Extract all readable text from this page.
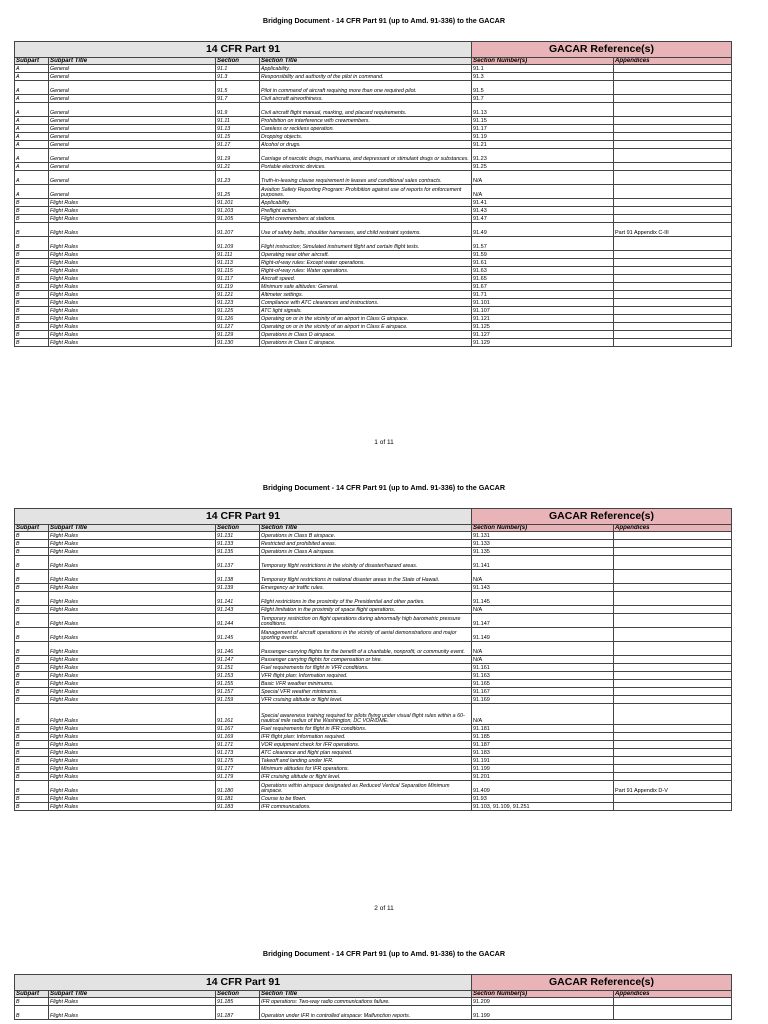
Bridging Document - 14 CFR Part 91 (up to Amd. 91-336) to the GACAR
14 CFR Part 91				GACAR Reference(s)	
Subpart	Subpart Title	Section	Section Title	Section Number(s)	Appendices
A	General	91.1	Applicability.	91.1	
A	General	91.3	Responsibility and authority of the pilot in command.	91.3	
A	General	91.5	Pilot in command of aircraft requiring more than one required pilot.	91.5	
A	General	91.7	Civil aircraft airworthiness.	91.7	
A	General	91.9	Civil aircraft flight manual, marking, and placard requirements.	91.13	
A	General	91.11	Prohibition on interference with crewmembers.	91.15	
A	General	91.13	Careless or reckless operation.	91.17	
A	General	91.15	Dropping objects.	91.19	
A	General	91.17	Alcohol or drugs.	91.21	
A	General	91.19	Carriage of narcotic drugs, marihuana, and depressant or stimulant drugs or substances.	91.23	
A	General	91.21	Portable electronic devices.	91.25	
A	General	91.23	Truth-in-leasing clause requirement in leases and conditional sales contracts.	N/A	
A	General	91.25	Aviation Safety Reporting Program: Prohibition against use of reports for enforcement purposes.	N/A	
B	Flight Rules	91.101	Applicability.	91.41	
B	Flight Rules	91.103	Preflight action.	91.43	
B	Flight Rules	91.105	Flight crewmembers at stations.	91.47	
B	Flight Rules	91.107	Use of safety belts, shoulder harnesses, and child restraint systems.	91.49	Part 91 Appendix C-III
B	Flight Rules	91.109	Flight instruction; Simulated instrument flight and certain flight tests.	91.57	
B	Flight Rules	91.111	Operating near other aircraft.	91.59	
B	Flight Rules	91.113	Right-of-way rules: Except water operations.	91.61	
B	Flight Rules	91.115	Right-of-way rules: Water operations.	91.63	
B	Flight Rules	91.117	Aircraft speed.	91.65	
B	Flight Rules	91.119	Minimum safe altitudes: General.	91.67	
B	Flight Rules	91.121	Altimeter settings.	91.71	
B	Flight Rules	91.123	Compliance with ATC clearances and instructions.	91.101	
B	Flight Rules	91.125	ATC light signals.	91.107	
B	Flight Rules	91.126	Operating on or in the vicinity of an airport in Class G airspace.	91.121	
B	Flight Rules	91.127	Operating on or in the vicinity of an airport in Class E airspace.	91.125	
B	Flight Rules	91.129	Operations in Class D airspace.	91.127	
B	Flight Rules	91.130	Operations in Class C airspace.	91.129	
1 of 11
Bridging Document - 14 CFR Part 91 (up to Amd. 91-336) to the GACAR
14 CFR Part 91				GACAR Reference(s)	
Subpart	Subpart Title	Section	Section Title	Section Number(s)	Appendices
B	Flight Rules	91.131	Operations in Class B airspace.	91.131	
B	Flight Rules	91.133	Restricted and prohibited areas.	91.133	
B	Flight Rules	91.135	Operations in Class A airspace.	91.135	
B	Flight Rules	91.137	Temporary flight restrictions in the vicinity of disaster/hazard areas.	91.141	
B	Flight Rules	91.138	Temporary flight restrictions in national disaster areas in the State of Hawaii.	N/A	
B	Flight Rules	91.139	Emergency air traffic rules.	91.143	
B	Flight Rules	91.141	Flight restrictions in the proximity of the Presidential and other parties.	91.145	
B	Flight Rules	91.143	Flight limitation in the proximity of space flight operations.	N/A	
B	Flight Rules	91.144	Temporary restriction on flight operations during abnormally high barometric pressure conditions.	91.147	
B	Flight Rules	91.145	Management of aircraft operations in the vicinity of aerial demonstrations and major sporting events.	91.149	
B	Flight Rules	91.146	Passenger-carrying flights for the benefit of a charitable, nonprofit, or community event.	N/A	
B	Flight Rules	91.147	Passenger carrying flights for compensation or hire.	N/A	
B	Flight Rules	91.151	Fuel requirements for flight in VFR conditions.	91.161	
B	Flight Rules	91.153	VFR flight plan: Information required.	91.163	
B	Flight Rules	91.155	Basic VFR weather minimums.	91.165	
B	Flight Rules	91.157	Special VFR weather minimums.	91.167	
B	Flight Rules	91.159	VFR cruising altitude or flight level.	91.169	
B	Flight Rules	91.161	Special awareness training required for pilots flying under visual flight rules within a 60-nautical mile radius of the Washington, DC VOR/DME.	N/A	
B	Flight Rules	91.167	Fuel requirements for flight in IFR conditions.	91.181	
B	Flight Rules	91.169	IFR flight plan: Information required.	91.185	
B	Flight Rules	91.171	VOR equipment check for IFR operations.	91.187	
B	Flight Rules	91.173	ATC clearance and flight plan required.	91.183	
B	Flight Rules	91.175	Takeoff and landing under IFR.	91.191	
B	Flight Rules	91.177	Minimum altitudes for IFR operations.	91.199	
B	Flight Rules	91.179	IFR cruising altitude or flight level.	91.201	
B	Flight Rules	91.180	Operations within airspace designated as Reduced Vertical Separation Minimum airspace.	91.409	Part 91 Appendix D-V
B	Flight Rules	91.181	Course to be flown.	91.93	
B	Flight Rules	91.183	IFR communications.	91.103, 91.109, 91.251	
2 of 11
Bridging Document - 14 CFR Part 91 (up to Amd. 91-336) to the GACAR
14 CFR Part 91				GACAR Reference(s)	
Subpart	Subpart Title	Section	Section Title	Section Number(s)	Appendices
B	Flight Rules	91.185	IFR operations: Two-way radio communications failure.	91.209	
B	Flight Rules	91.187	Operation under IFR in controlled airspace: Malfunction reports.	91.199	
